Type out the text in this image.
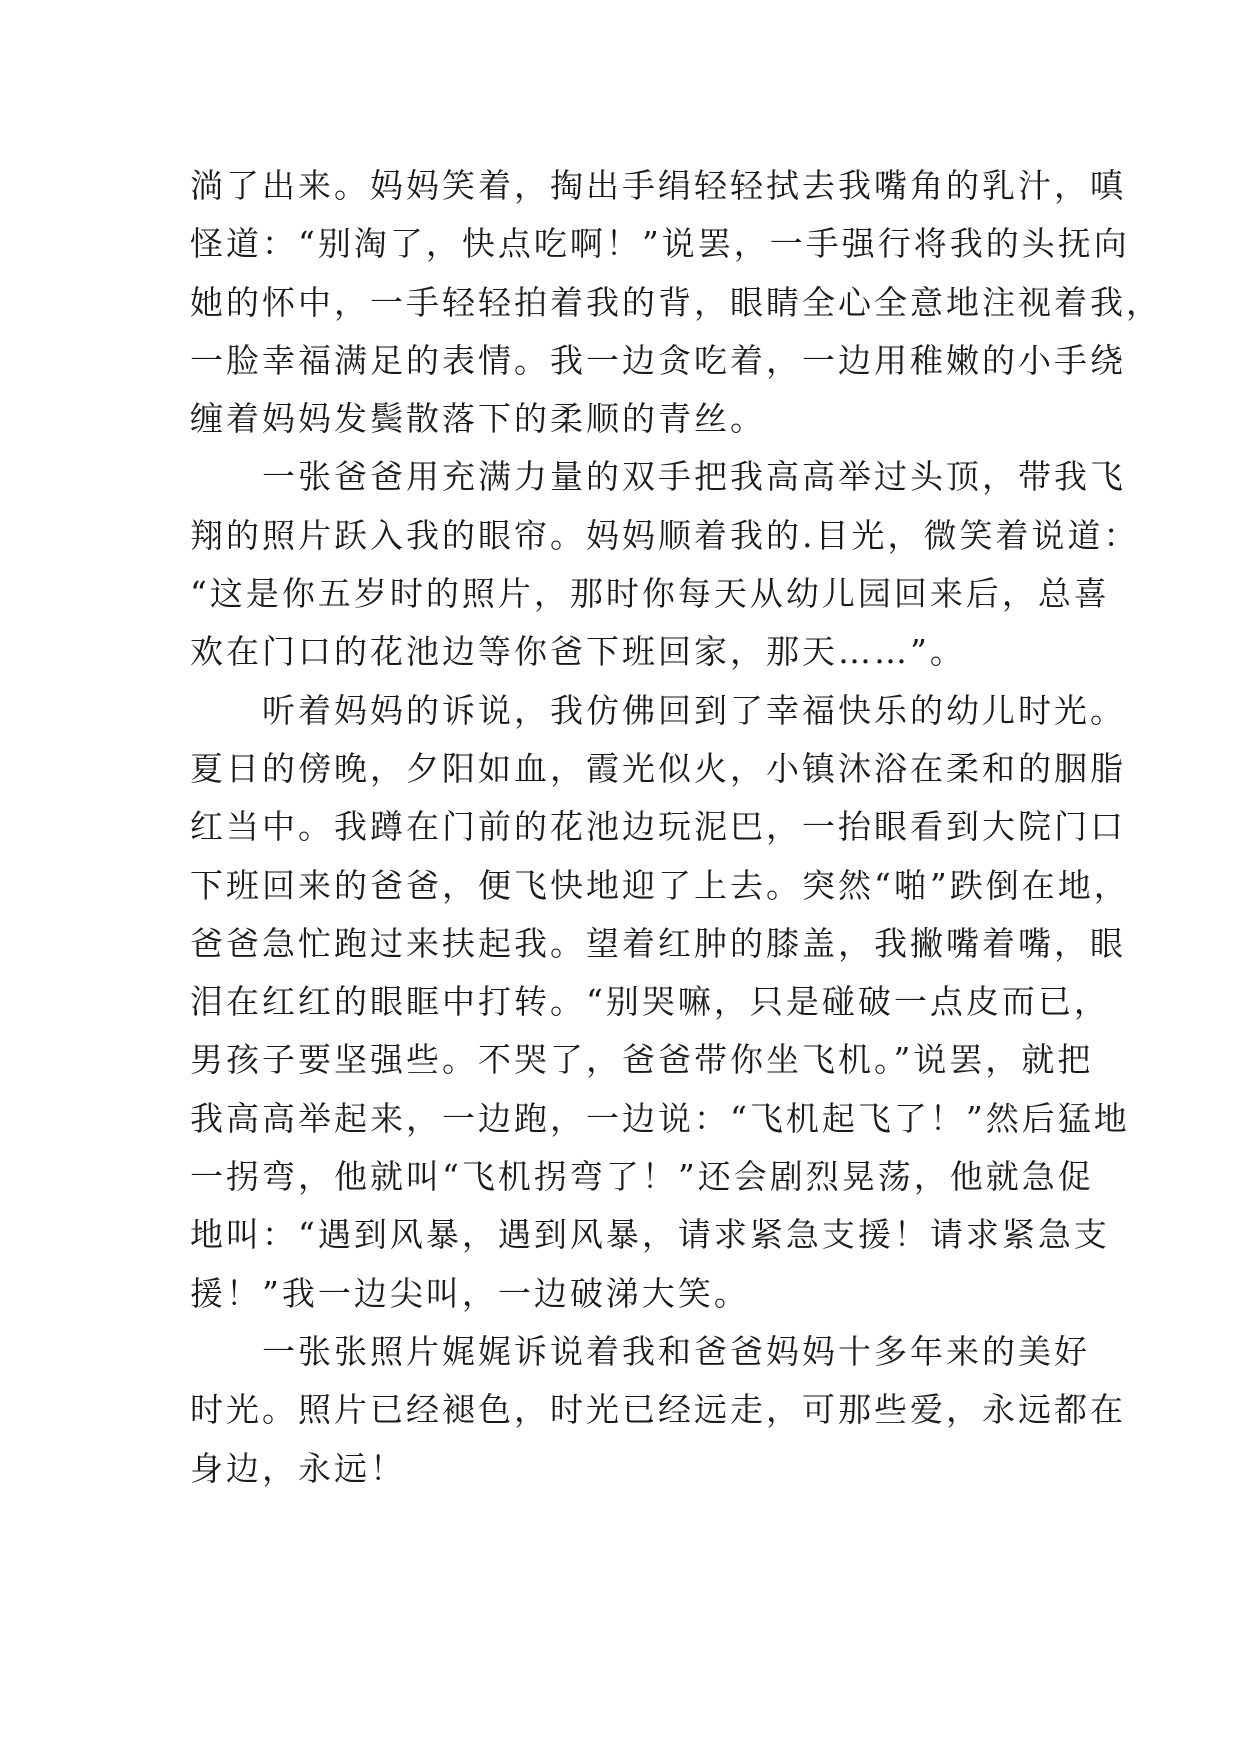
淌了出来。妈妈笑着，掏出手绢轻轻拭去我嘴角的乳汁，嗔
怪道：“别淘了，快点吃啊！”说罢，一手强行将我的头抚向
她的怀中，一手轻轻拍着我的背，眼睛全心全意地注视着我，
一脸幸福满足的表情。我一边贪吃着，一边用稚嫩的小手绕
缠着妈妈发鬓散落下的柔顺的青丝。
　　一张爸爸用充满力量的双手把我高高举过头顶，带我飞
翔的照片跃入我的眼帘。妈妈顺着我的.目光，微笑着说道：
“这是你五岁时的照片，那时你每天从幼儿园回来后，总喜
欢在门口的花池边等你爸下班回家，那天……”。
　　听着妈妈的诉说，我仿佛回到了幸福快乐的幼儿时光。
夏日的傍晚，夕阳如血，霞光似火，小镇沐浴在柔和的胭脂
红当中。我蹲在门前的花池边玩泥巴，一抬眼看到大院门口
下班回来的爸爸，便飞快地迎了上去。突然“啪”跌倒在地，
爸爸急忙跑过来扶起我。望着红肿的膝盖，我撇嘴着嘴，眼
泪在红红的眼眶中打转。“别哭嘛，只是碰破一点皮而已，
男孩子要坚强些。不哭了，爸爸带你坐飞机。”说罢，就把
我高高举起来，一边跑，一边说：“飞机起飞了！”然后猛地
一拐弯，他就叫“飞机拐弯了！”还会剧烈晃荡，他就急促
地叫：“遇到风暴，遇到风暴，请求紧急支援！请求紧急支
援！”我一边尖叫，一边破涕大笑。
　　一张张照片娓娓诉说着我和爸爸妈妈十多年来的美好
时光。照片已经褪色，时光已经远走，可那些爱，永远都在
身边，永远！
